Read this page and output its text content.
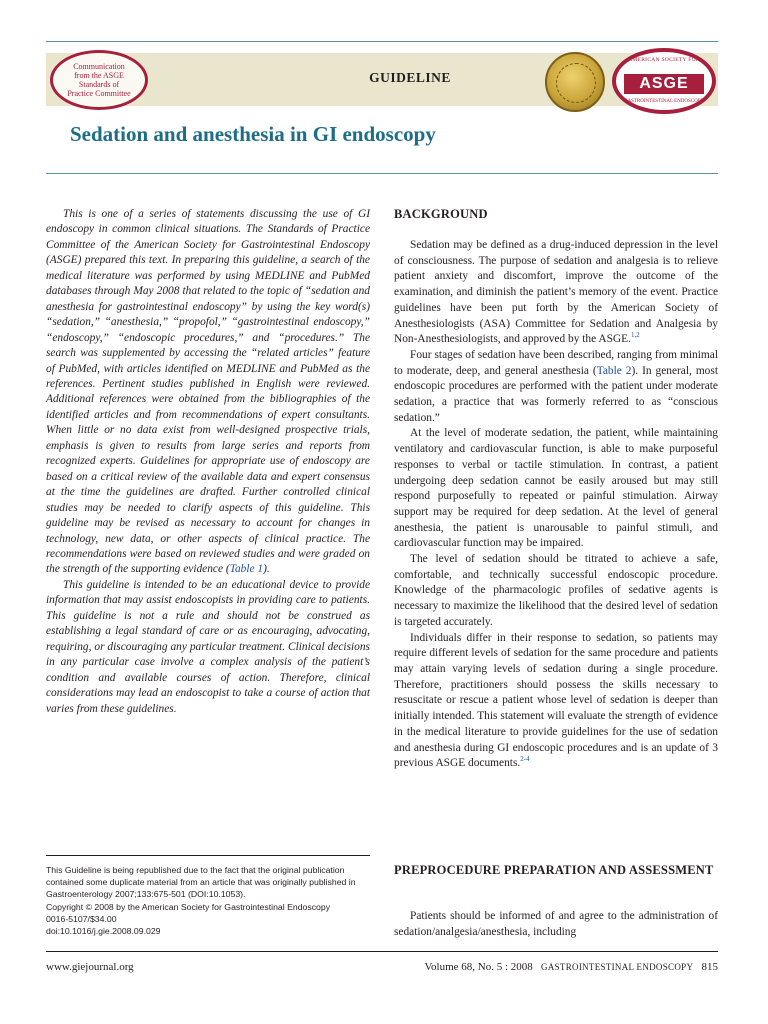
Communication
from the ASGE
Standards of
Practice Committee
GUIDELINE
AMERICAN SOCIETY FOR
ASGE
GASTROINTESTINAL ENDOSCOPY
Sedation and anesthesia in GI endoscopy

This is one of a series of statements discussing the use of GI endoscopy in common clinical situations. The Standards of Practice Committee of the American Society for Gastrointestinal Endoscopy (ASGE) prepared this text. In preparing this guideline, a search of the medical literature was performed by using MEDLINE and PubMed databases through May 2008 that related to the topic of “sedation and anesthesia for gastrointestinal endoscopy” by using the key word(s) “sedation,” “anesthesia,” “propofol,” “gastrointestinal endoscopy,” “endoscopy,” “endoscopic procedures,” and “procedures.” The search was supplemented by accessing the “related articles” feature of PubMed, with articles identified on MEDLINE and PubMed as the references. Pertinent studies published in English were reviewed. Additional references were obtained from the bibliographies of the identified articles and from recommendations of expert consultants. When little or no data exist from well-designed prospective trials, emphasis is given to results from large series and reports from recognized experts. Guidelines for appropriate use of endoscopy are based on a critical review of the available data and expert consensus at the time the guidelines are drafted. Further controlled clinical studies may be needed to clarify aspects of this guideline. This guideline may be revised as necessary to account for changes in technology, new data, or other aspects of clinical practice. The recommendations were based on reviewed studies and were graded on the strength of the supporting evidence (Table 1).

This guideline is intended to be an educational device to provide information that may assist endoscopists in providing care to patients. This guideline is not a rule and should not be construed as establishing a legal standard of care or as encouraging, advocating, requiring, or discouraging any particular treatment. Clinical decisions in any particular case involve a complex analysis of the patient’s condition and available courses of action. Therefore, clinical considerations may lead an endoscopist to take a course of action that varies from these guidelines.

This Guideline is being republished due to the fact that the original publication contained some duplicate material from an article that was originally published in Gastroenterology 2007;133:675-501 (DOI:10.1053).
Copyright © 2008 by the American Society for Gastrointestinal Endoscopy
0016-5107/$34.00
doi:10.1016/j.gie.2008.09.029
BACKGROUND

Sedation may be defined as a drug-induced depression in the level of consciousness. The purpose of sedation and analgesia is to relieve patient anxiety and discomfort, improve the outcome of the examination, and diminish the patient’s memory of the event. Practice guidelines have been put forth by the American Society of Anesthesiologists (ASA) Committee for Sedation and Analgesia by Non-Anesthesiologists, and approved by the ASGE.$^{1,2}$

Four stages of sedation have been described, ranging from minimal to moderate, deep, and general anesthesia (Table 2). In general, most endoscopic procedures are performed with the patient under moderate sedation, a practice that was formerly referred to as “conscious sedation.”

At the level of moderate sedation, the patient, while maintaining ventilatory and cardiovascular function, is able to make purposeful responses to verbal or tactile stimulation. In contrast, a patient undergoing deep sedation cannot be easily aroused but may still respond purposefully to repeated or painful stimulation. Airway support may be required for deep sedation. At the level of general anesthesia, the patient is unarousable to painful stimuli, and cardiovascular function may be impaired.

The level of sedation should be titrated to achieve a safe, comfortable, and technically successful endoscopic procedure. Knowledge of the pharmacologic profiles of sedative agents is necessary to maximize the likelihood that the desired level of sedation is targeted accurately.

Individuals differ in their response to sedation, so patients may require different levels of sedation for the same procedure and patients may attain varying levels of sedation during a single procedure. Therefore, practitioners should possess the skills necessary to resuscitate or rescue a patient whose level of sedation is deeper than initially intended. This statement will evaluate the strength of evidence in the medical literature to provide guidelines for the use of sedation and anesthesia during GI endoscopic procedures and is an update of 3 previous ASGE documents.$^{2-4}$

PREPROCEDURE PREPARATION AND ASSESSMENT

Patients should be informed of and agree to the administration of sedation/analgesia/anesthesia, including

www.giejournal.org	Volume 68, No. 5 : 2008 GASTROINTESTINAL ENDOSCOPY 815
